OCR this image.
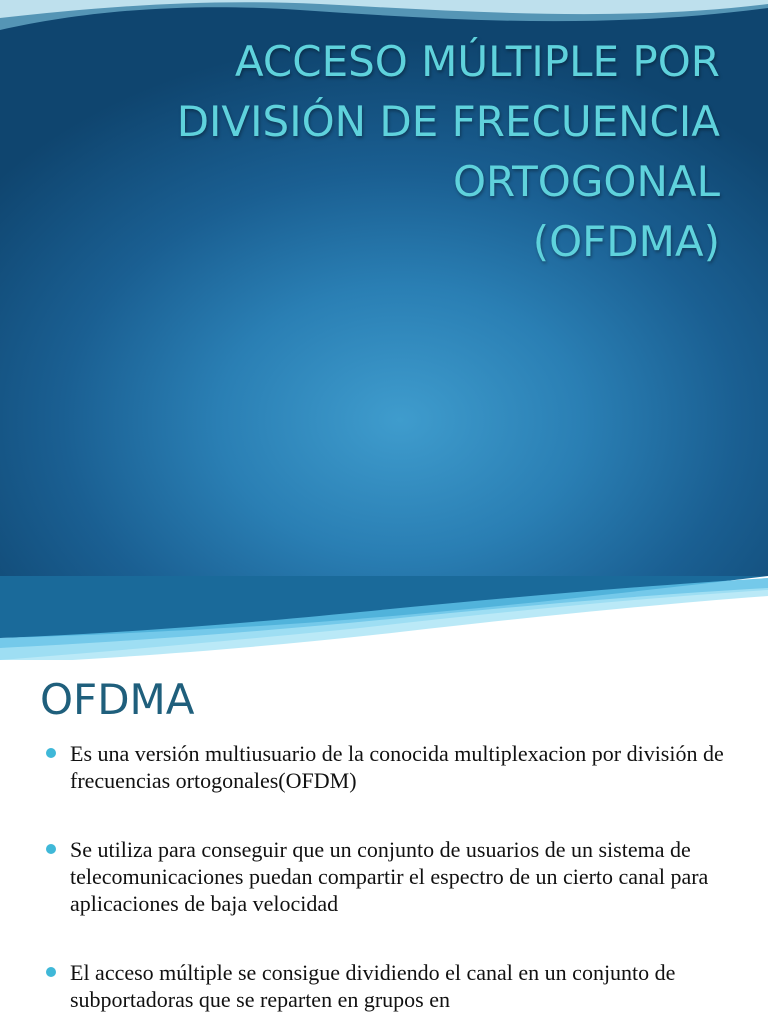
ACCESO MÚLTIPLE POR
DIVISIÓN DE FRECUENCIA
ORTOGONAL
(OFDMA)
OFDMA
Es una versión multiusuario de la conocida multiplexacion por división de frecuencias ortogonales(OFDM)
Se utiliza para conseguir que un conjunto de usuarios de un sistema de telecomunicaciones puedan compartir el espectro de un cierto canal para aplicaciones de baja velocidad
El acceso múltiple se consigue dividiendo el canal en un conjunto de subportadoras que se reparten en grupos en
